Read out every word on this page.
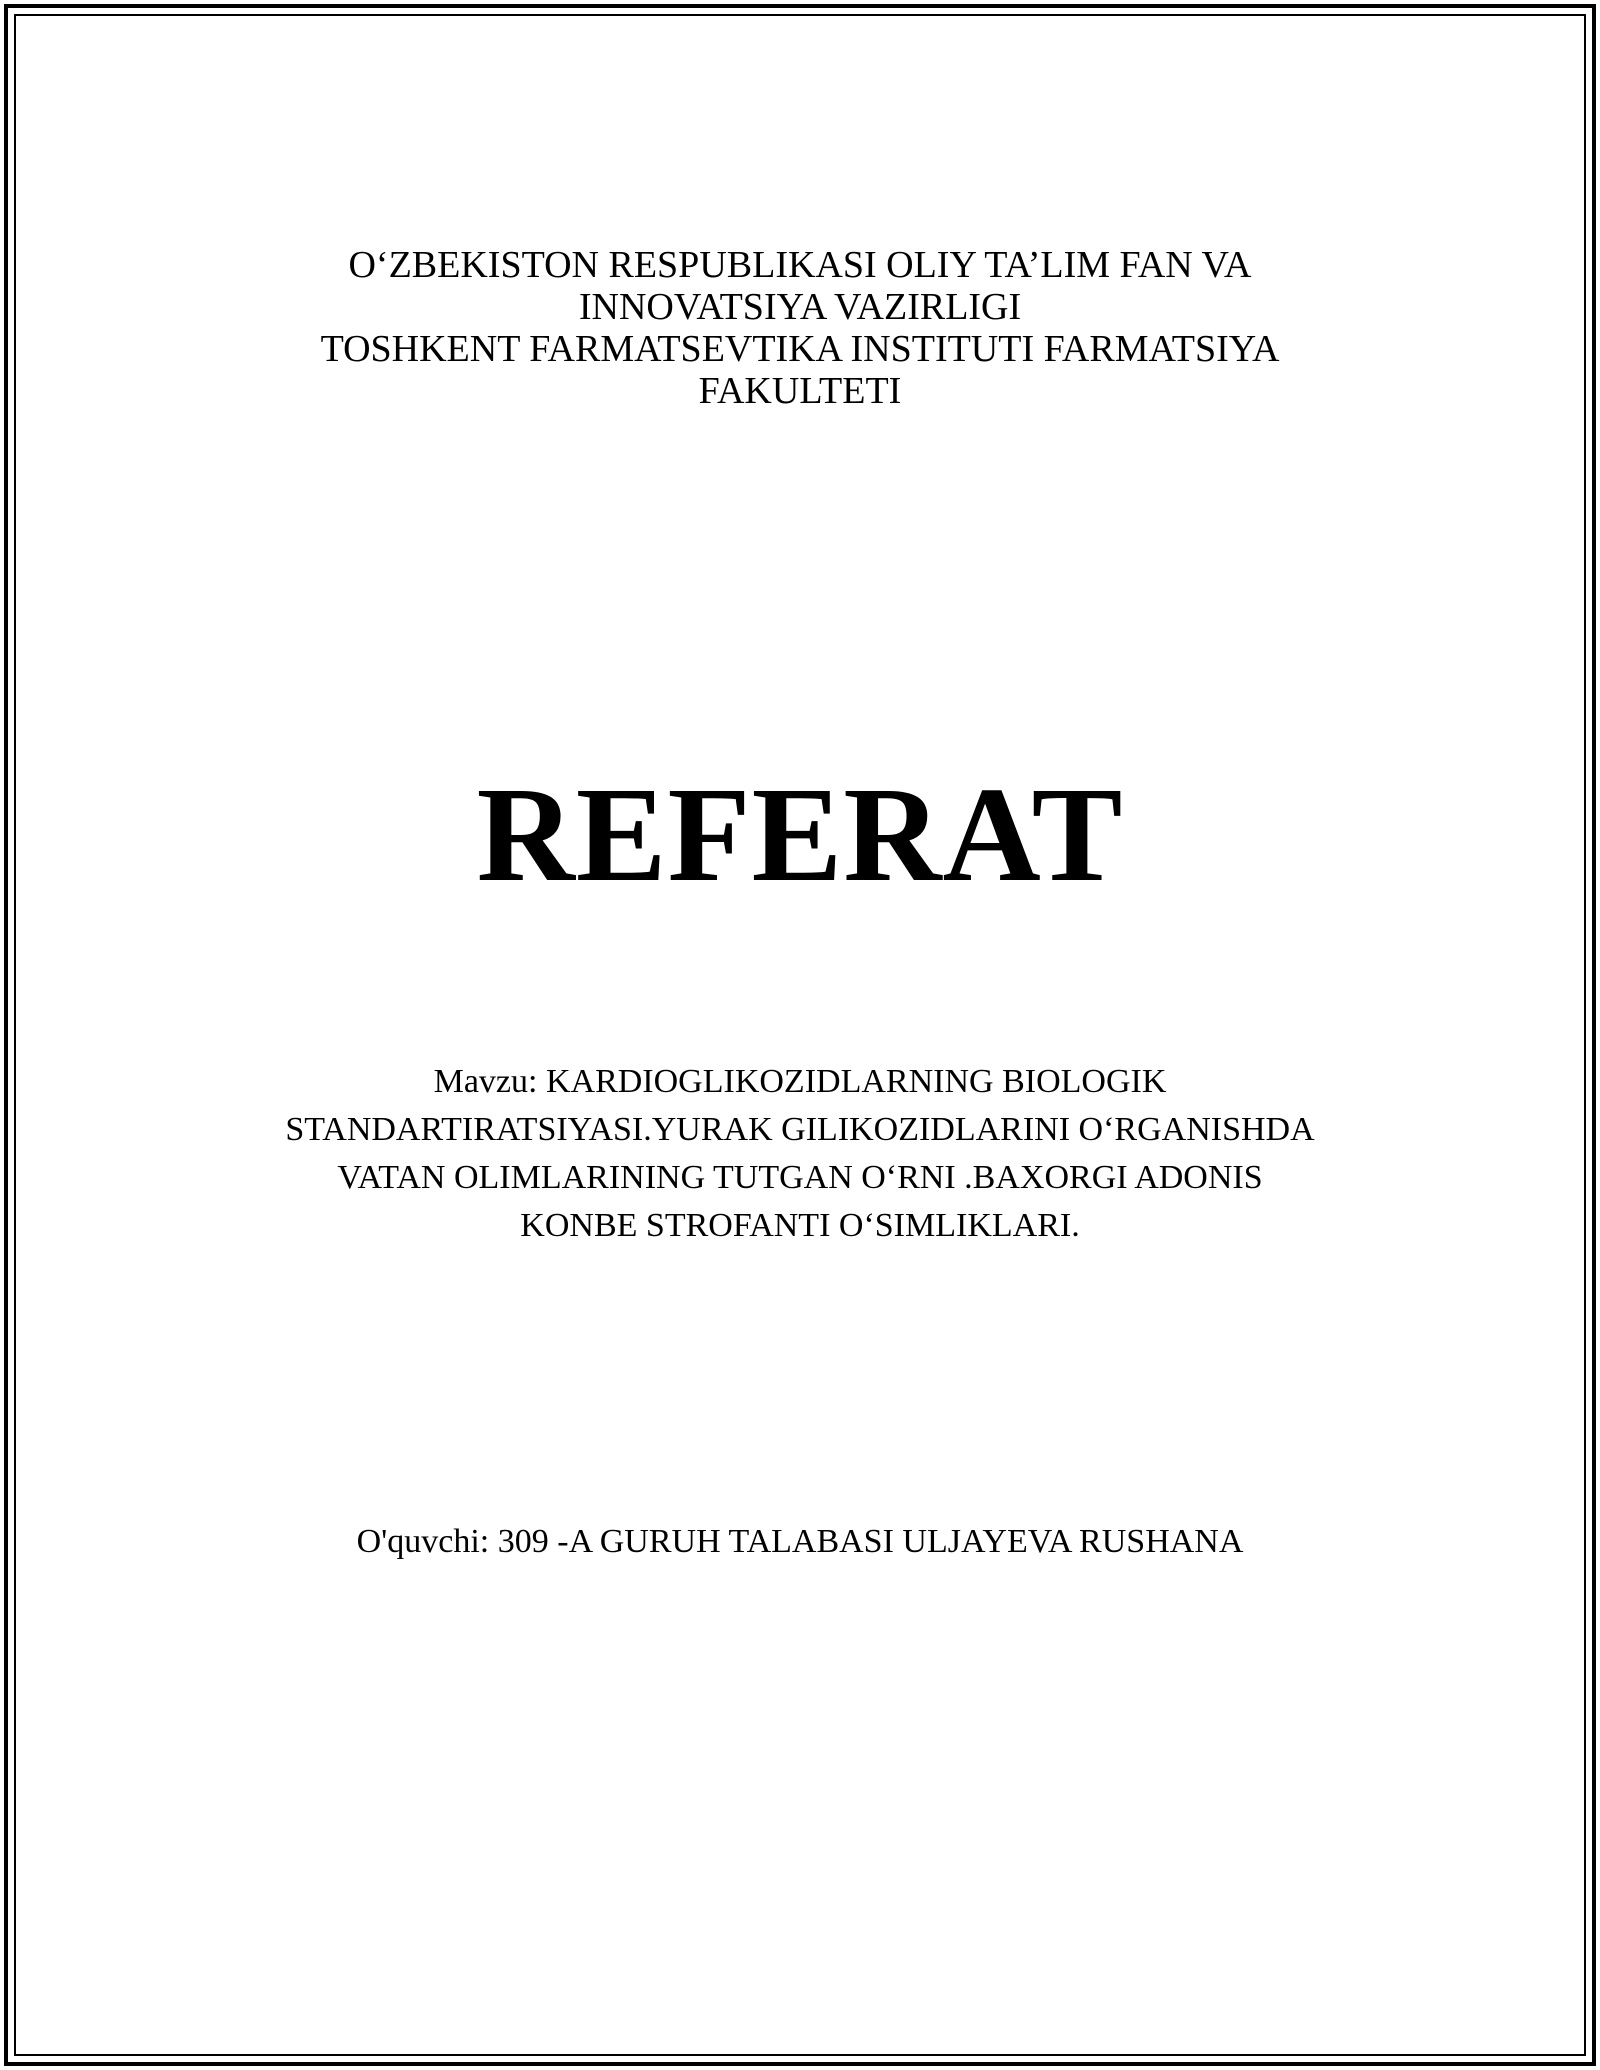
O‘ZBEKISTON RESPUBLIKASI OLIY TA’LIM FAN VA
INNOVATSIYA VAZIRLIGI
TOSHKENT FARMATSEVTIKA INSTITUTI FARMATSIYA
FAKULTETI
REFERAT
Mavzu: KARDIOGLIKOZIDLARNING BIOLOGIK
STANDARTIRATSIYASI.YURAK GILIKOZIDLARINI O‘RGANISHDA
VATAN OLIMLARINING TUTGAN O‘RNI .BAXORGI ADONIS
KONBE STROFANTI O‘SIMLIKLARI.
O'quvchi: 309 -A GURUH TALABASI ULJAYEVA RUSHANA
